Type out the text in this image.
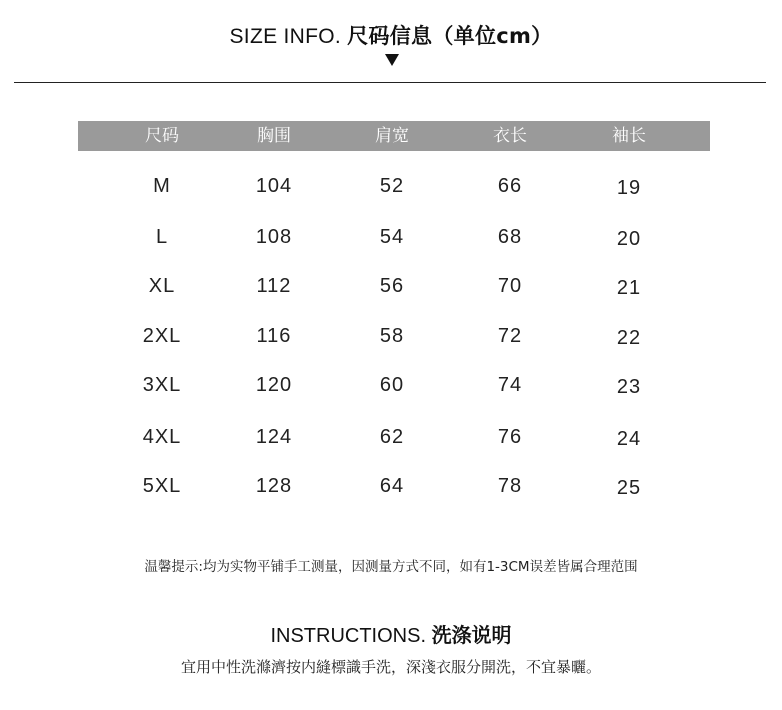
SIZE INFO. 尺码信息（单位cm）
尺码	胸围	肩宽	衣长	袖长
M	104	52	66	19
L	108	54	68	20
XL	112	56	70	21
2XL	116	58	72	22
3XL	120	60	74	23
4XL	124	62	76	24
5XL	128	64	78	25
温馨提示:均为实物平铺手工测量，因测量方式不同，如有1-3CM误差皆属合理范围
INSTRUCTIONS. 洗涤说明
宜用中性洗滌濟按内縫標識手洗，深淺衣服分開洗，不宜暴曬。
